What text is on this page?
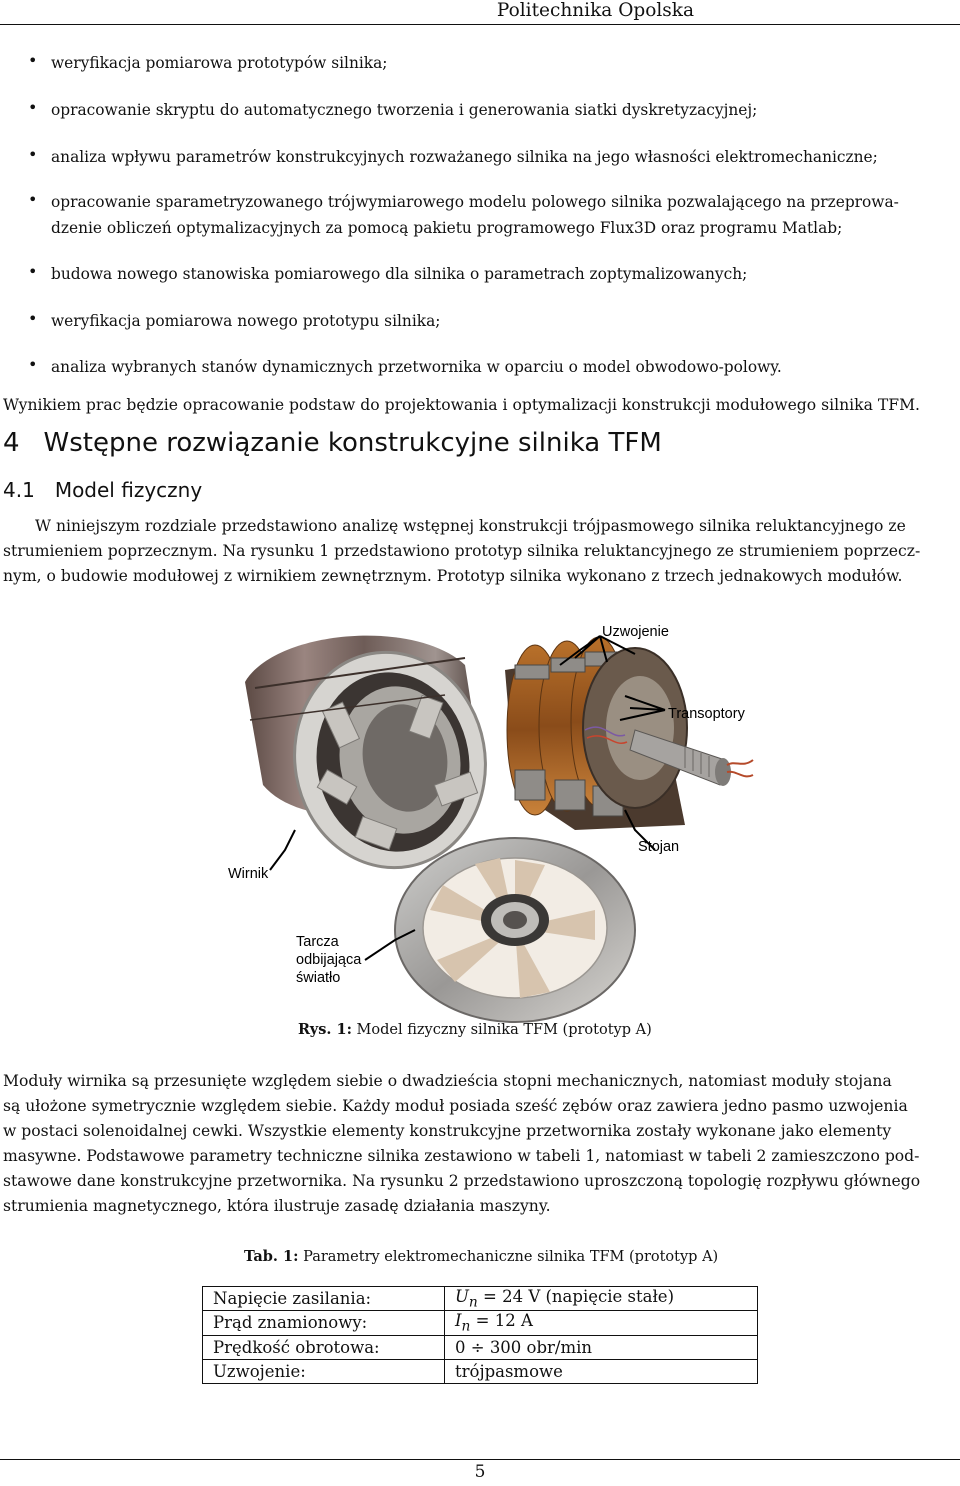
Politechnika Opolska
• weryfikacja pomiarowa prototypów silnika;
• opracowanie skryptu do automatycznego tworzenia i generowania siatki dyskretyzacyjnej;
• analiza wpływu parametrów konstrukcyjnych rozważanego silnika na jego własności elektromechaniczne;
• opracowanie sparametryzowanego trójwymiarowego modelu polowego silnika pozwalającego na przeprowa-
dzenie obliczeń optymalizacyjnych za pomocą pakietu programowego Flux3D oraz programu Matlab;
• budowa nowego stanowiska pomiarowego dla silnika o parametrach zoptymalizowanych;
• weryfikacja pomiarowa nowego prototypu silnika;
• analiza wybranych stanów dynamicznych przetwornika w oparciu o model obwodowo-polowy.
Wynikiem prac będzie opracowanie podstaw do projektowania i optymalizacji konstrukcji modułowego silnika TFM.
4 Wstępne rozwiązanie konstrukcyjne silnika TFM
4.1 Model fizyczny
W niniejszym rozdziale przedstawiono analizę wstępnej konstrukcji trójpasmowego silnika reluktancyjnego ze
strumieniem poprzecznym. Na rysunku 1 przedstawiono prototyp silnika reluktancyjnego ze strumieniem poprzecz-
nym, o budowie modułowej z wirnikiem zewnętrznym. Prototyp silnika wykonano z trzech jednakowych modułów.
Uzwojenie
Transoptory
Stojan
Wirnik
Tarcza
odbijająca
światło
Rys. 1: Model fizyczny silnika TFM (prototyp A)
Moduły wirnika są przesunięte względem siebie o dwadzieścia stopni mechanicznych, natomiast moduły stojana
są ułożone symetrycznie względem siebie. Każdy moduł posiada sześć zębów oraz zawiera jedno pasmo uzwojenia
w postaci solenoidalnej cewki. Wszystkie elementy konstrukcyjne przetwornika zostały wykonane jako elementy
masywne. Podstawowe parametry techniczne silnika zestawiono w tabeli 1, natomiast w tabeli 2 zamieszczono pod-
stawowe dane konstrukcyjne przetwornika. Na rysunku 2 przedstawiono uproszczoną topologię rozpływu głównego
strumienia magnetycznego, która ilustruje zasadę działania maszyny.
Tab. 1: Parametry elektromechaniczne silnika TFM (prototyp A)
Napięcie zasilania:	$U_n = 24$ V (napięcie stałe)
Prąd znamionowy:	$I_n = 12$ A
Prędkość obrotowa:	0 ÷ 300 obr/min
Uzwojenie:	trójpasmowe
5
